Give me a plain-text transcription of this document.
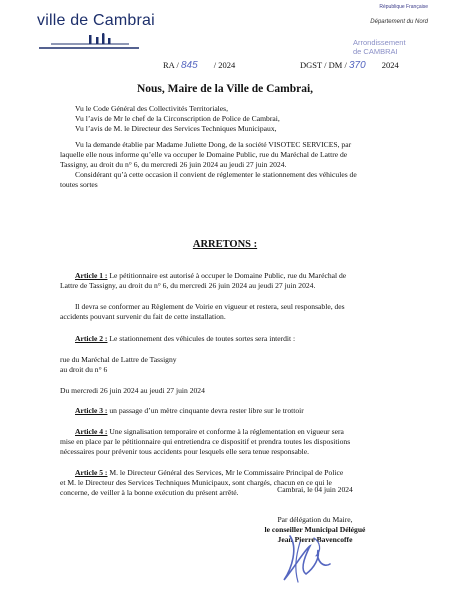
ville de Cambrai
République Française
Département du Nord
Arrondissement
de CAMBRAI
RA / 845 / 2024	DGST / DM / 370 2024
Nous, Maire de la Ville de Cambrai,
Vu le Code Général des Collectivités Territoriales,
Vu l’avis de Mr le chef de la Circonscription de Police de Cambrai,
Vu l’avis de M. le Directeur des Services Techniques Municipaux,
Vu la demande établie par Madame Juliette Dong, de la société VISOTEC SERVICES, par
laquelle elle nous informe qu’elle va occuper le Domaine Public, rue du Maréchal de Lattre de
Tassigny, au droit du n° 6, du mercredi 26 juin 2024 au jeudi 27 juin 2024.
Considérant qu’à cette occasion il convient de réglementer le stationnement des véhicules de
toutes sortes
ARRETONS :
Article 1 : Le pétitionnaire est autorisé à occuper le Domaine Public, rue du Maréchal de
Lattre de Tassigny, au droit du n° 6, du mercredi 26 juin 2024 au jeudi 27 juin 2024.
Il devra se conformer au Règlement de Voirie en vigueur et restera, seul responsable, des
accidents pouvant survenir du fait de cette installation.
Article 2 : Le stationnement des véhicules de toutes sortes sera interdit :
rue du Maréchal de Lattre de Tassigny
au droit du n° 6
Du mercredi 26 juin 2024 au jeudi 27 juin 2024
Article 3 : un passage d’un mètre cinquante devra rester libre sur le trottoir
Article 4 : Une signalisation temporaire et conforme à la réglementation en vigueur sera
mise en place par le pétitionnaire qui entretiendra ce dispositif et prendra toutes les dispositions
nécessaires pour prévenir tous accidents pour lesquels elle sera tenue responsable.
Article 5 : M. le Directeur Général des Services, Mr le Commissaire Principal de Police
et M. le Directeur des Services Techniques Municipaux, sont chargés, chacun en ce qui le
concerne, de veiller à la bonne exécution du présent arrêté.	Cambrai, le 04 juin 2024
Par délégation du Maire,
le conseiller Municipal Délégué
Jean Pierre Bavencoffe
